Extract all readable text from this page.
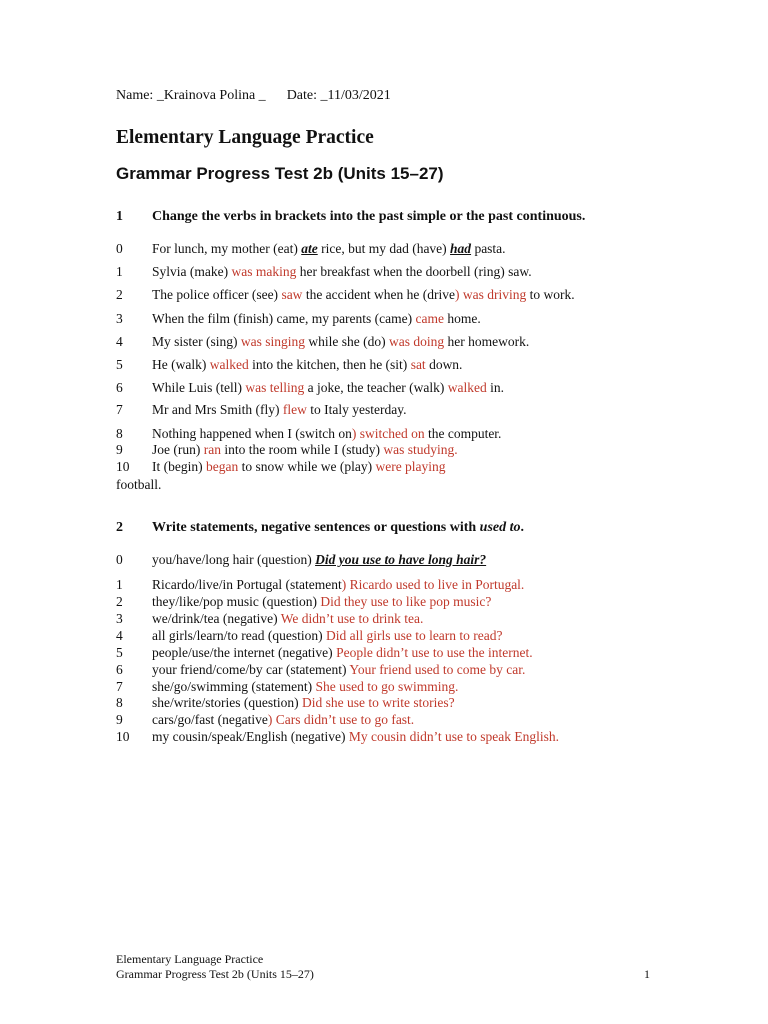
Name: _Krainova Polina _ Date: _11/03/2021
Elementary Language Practice
Grammar Progress Test 2b (Units 15–27)
1 Change the verbs in brackets into the past simple or the past continuous.
0 For lunch, my mother (eat) ate rice, but my dad (have) had pasta.
1 Sylvia (make) was making her breakfast when the doorbell (ring) saw.
2 The police officer (see) saw the accident when he (drive) was driving to work.
3 When the film (finish) came, my parents (came) came home.
4 My sister (sing) was singing while she (do) was doing her homework.
5 He (walk) walked into the kitchen, then he (sit) sat down.
6 While Luis (tell) was telling a joke, the teacher (walk) walked in.
7 Mr and Mrs Smith (fly) flew to Italy yesterday.
8 Nothing happened when I (switch on) switched on the computer.
9 Joe (run) ran into the room while I (study) was studying.
10 It (begin) began to snow while we (play) were playing
football.
2 Write statements, negative sentences or questions with used to.
0 you/have/long hair (question) Did you use to have long hair?
1 Ricardo/live/in Portugal (statement) Ricardo used to live in Portugal.
2 they/like/pop music (question) Did they use to like pop music?
3 we/drink/tea (negative) We didn’t use to drink tea.
4 all girls/learn/to read (question) Did all girls use to learn to read?
5 people/use/the internet (negative) People didn’t use to use the internet.
6 your friend/come/by car (statement) Your friend used to come by car.
7 she/go/swimming (statement) She used to go swimming.
8 she/write/stories (question) Did she use to write stories?
9 cars/go/fast (negative) Cars didn’t use to go fast.
10 my cousin/speak/English (negative) My cousin didn’t use to speak English.
Elementary Language Practice
Grammar Progress Test 2b (Units 15–27)	1
